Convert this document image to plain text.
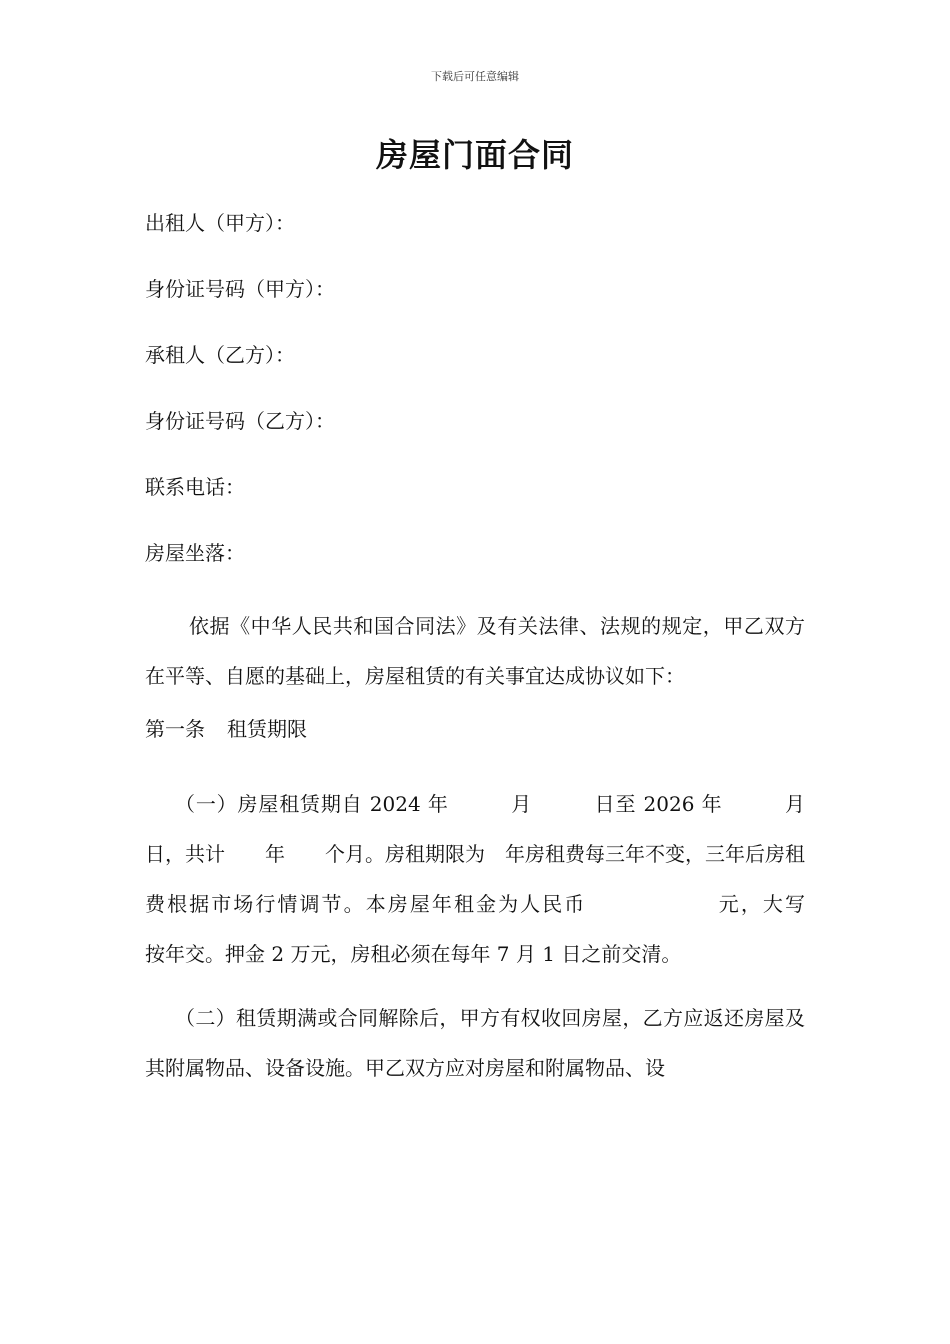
下载后可任意编辑
房屋门面合同

出租人（甲方）：

身份证号码（甲方）：

承租人（乙方）：

身份证号码（乙方）：

联系电话：

房屋坐落：

依据《中华人民共和国合同法》及有关法律、法规的规定，甲乙双方在平等、自愿的基础上，房屋租赁的有关事宜达成协议如下：

第一条 租赁期限

（一）房屋租赁期自 2024 年　　　月　　　日至 2026 年　　　月　　　日，共计　　年　　个月。房租期限为　年房租费每三年不变，三年后房租费根据市场行情调节。本房屋年租金为人民币　　　　　　元，大写　　　　　　按年交。押金 2 万元，房租必须在每年 7 月 1 日之前交清。

（二）租赁期满或合同解除后，甲方有权收回房屋，乙方应返还房屋及其附属物品、设备设施。甲乙双方应对房屋和附属物品、设
